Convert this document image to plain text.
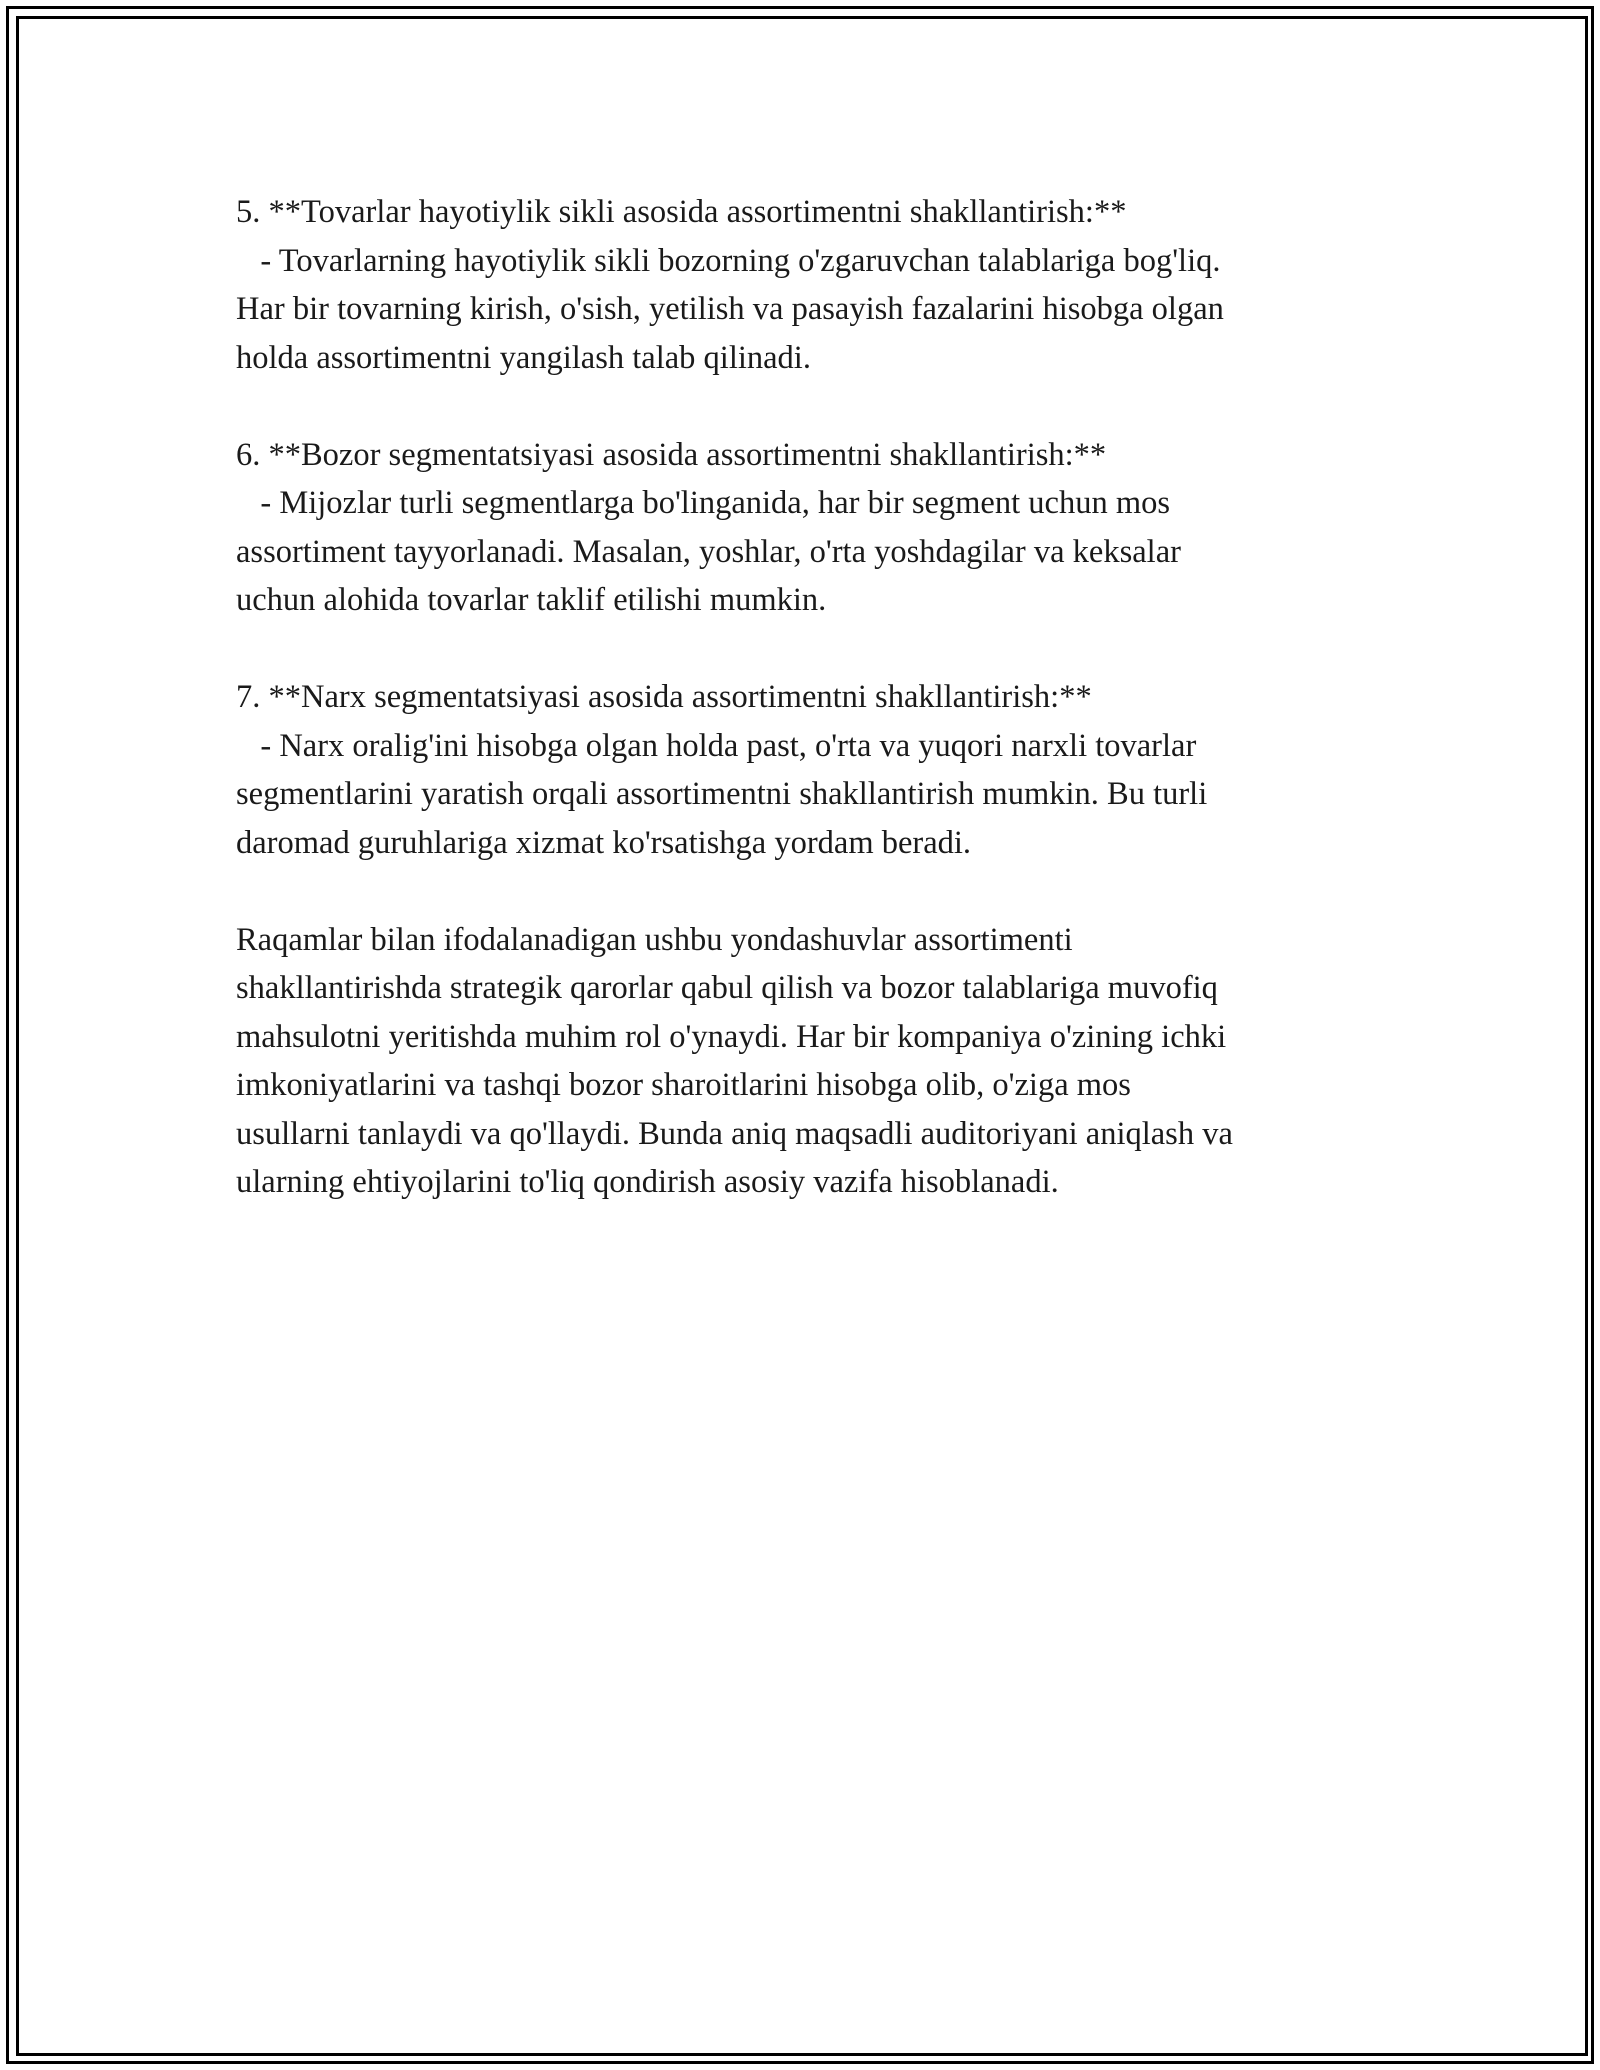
5. **Tovarlar hayotiylik sikli asosida assortimentni shakllantirish:**
- Tovarlarning hayotiylik sikli bozorning o'zgaruvchan talablariga bog'liq.
Har bir tovarning kirish, o'sish, yetilish va pasayish fazalarini hisobga olgan
holda assortimentni yangilash talab qilinadi.

6. **Bozor segmentatsiyasi asosida assortimentni shakllantirish:**
- Mijozlar turli segmentlarga bo'linganida, har bir segment uchun mos
assortiment tayyorlanadi. Masalan, yoshlar, o'rta yoshdagilar va keksalar
uchun alohida tovarlar taklif etilishi mumkin.

7. **Narx segmentatsiyasi asosida assortimentni shakllantirish:**
- Narx oralig'ini hisobga olgan holda past, o'rta va yuqori narxli tovarlar
segmentlarini yaratish orqali assortimentni shakllantirish mumkin. Bu turli
daromad guruhlariga xizmat ko'rsatishga yordam beradi.

Raqamlar bilan ifodalanadigan ushbu yondashuvlar assortimenti
shakllantirishda strategik qarorlar qabul qilish va bozor talablariga muvofiq
mahsulotni yeritishda muhim rol o'ynaydi. Har bir kompaniya o'zining ichki
imkoniyatlarini va tashqi bozor sharoitlarini hisobga olib, o'ziga mos
usullarni tanlaydi va qo'llaydi. Bunda aniq maqsadli auditoriyani aniqlash va
ularning ehtiyojlarini to'liq qondirish asosiy vazifa hisoblanadi.
